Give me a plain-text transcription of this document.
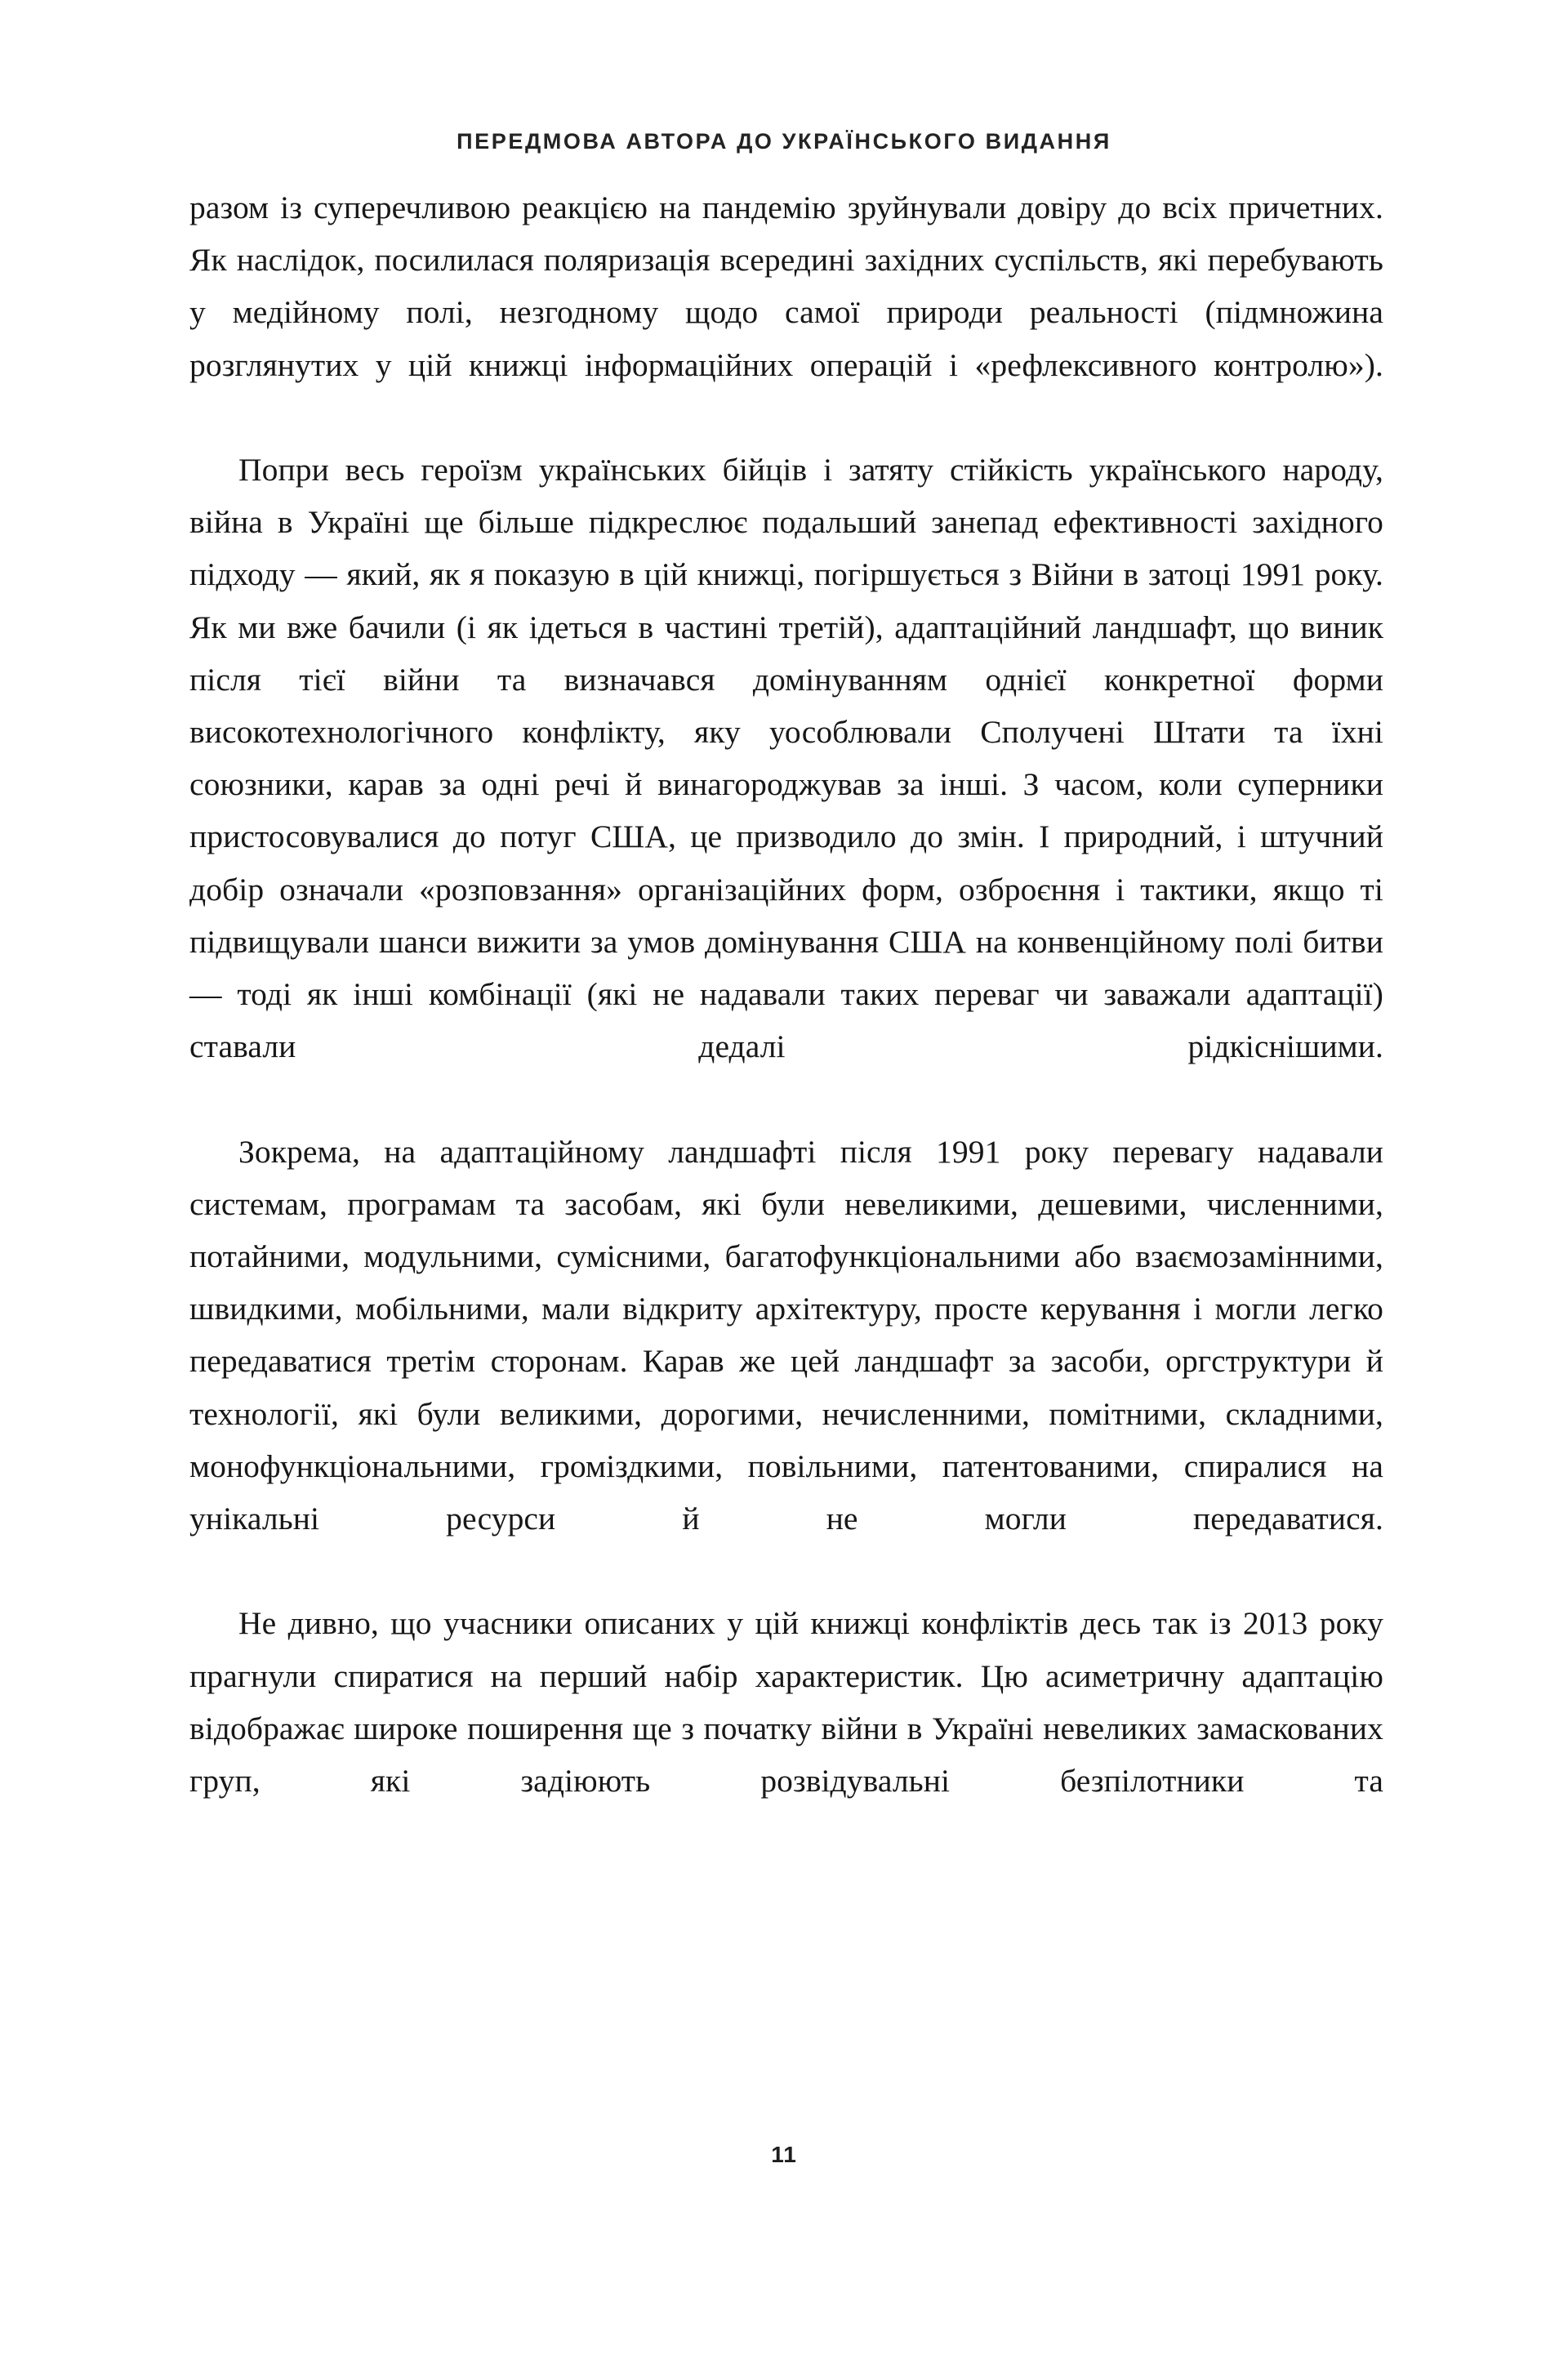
ПЕРЕДМОВА АВТОРА ДО УКРАЇНСЬКОГО ВИДАННЯ

разом із суперечливою реакцією на пандемію зруйнували довіру до всіх причетних. Як наслідок, посилилася поляризація всередині західних суспільств, які перебувають у медійному полі, незгодному щодо самої природи реальності (підмножина розглянутих у цій книжці інформаційних операцій і «рефлексивного контролю»).

Попри весь героїзм українських бійців і затяту стійкість українського народу, війна в Україні ще більше підкреслює подальший занепад ефективності західного підходу — який, як я показую в цій книжці, погіршується з Війни в затоці 1991 року. Як ми вже бачили (і як ідеться в частині третій), адаптаційний ландшафт, що виник після тієї війни та визначався домінуванням однієї конкретної форми високотехнологічного конфлікту, яку уособлювали Сполучені Штати та їхні союзники, карав за одні речі й винагороджував за інші. З часом, коли суперники пристосовувалися до потуг США, це призводило до змін. І природний, і штучний добір означали «розповзання» організаційних форм, озброєння і тактики, якщо ті підвищували шанси вижити за умов домінування США на конвенційному полі битви — тоді як інші комбінації (які не надавали таких переваг чи заважали адаптації) ставали дедалі рідкіснішими.

Зокрема, на адаптаційному ландшафті після 1991 року перевагу надавали системам, програмам та засобам, які були невеликими, дешевими, численними, потайними, модульними, сумісними, багатофункціональними або взаємозамінними, швидкими, мобільними, мали відкриту архітектуру, просте керування і могли легко передаватися третім сторонам. Карав же цей ландшафт за засоби, оргструктури й технології, які були великими, дорогими, нечисленними, помітними, складними, монофункціональними, громіздкими, повільними, патентованими, спиралися на унікальні ресурси й не могли передаватися.

Не дивно, що учасники описаних у цій книжці конфліктів десь так із 2013 року прагнули спиратися на перший набір характеристик. Цю асиметричну адаптацію відображає широке поширення ще з початку війни в Україні невеликих замаскованих груп, які задіюють розвідувальні безпілотники та

11
